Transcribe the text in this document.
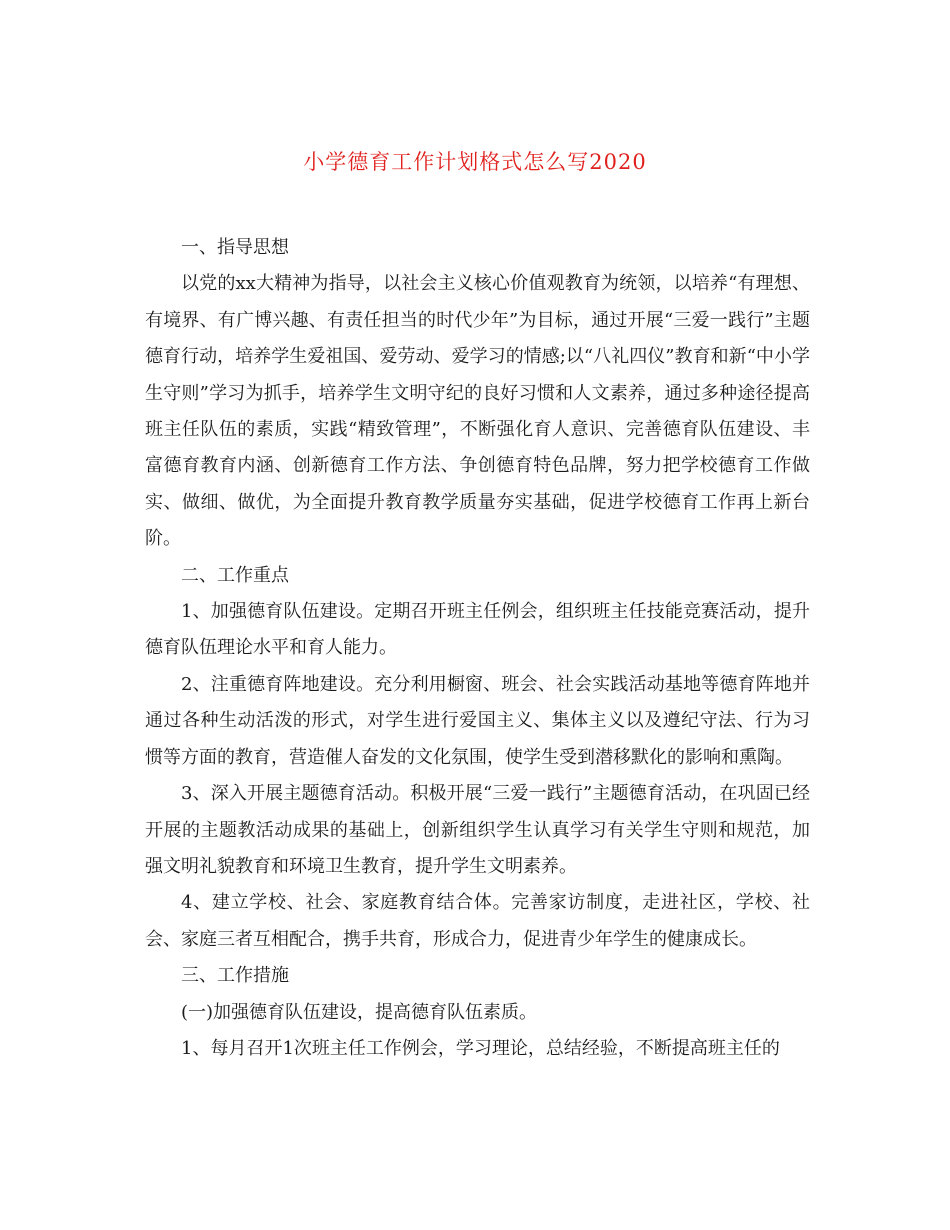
小学德育工作计划格式怎么写2020

一、指导思想

以党的xx大精神为指导，以社会主义核心价值观教育为统领，以培养“有理想、有境界、有广博兴趣、有责任担当的时代少年”为目标，通过开展“三爱一践行”主题德育行动，培养学生爱祖国、爱劳动、爱学习的情感;以“八礼四仪”教育和新“中小学生守则”学习为抓手，培养学生文明守纪的良好习惯和人文素养，通过多种途径提高班主任队伍的素质，实践“精致管理”，不断强化育人意识、完善德育队伍建设、丰富德育教育内涵、创新德育工作方法、争创德育特色品牌，努力把学校德育工作做实、做细、做优，为全面提升教育教学质量夯实基础，促进学校德育工作再上新台阶。

二、工作重点

1、加强德育队伍建设。定期召开班主任例会，组织班主任技能竞赛活动，提升德育队伍理论水平和育人能力。

2、注重德育阵地建设。充分利用橱窗、班会、社会实践活动基地等德育阵地并通过各种生动活泼的形式，对学生进行爱国主义、集体主义以及遵纪守法、行为习惯等方面的教育，营造催人奋发的文化氛围，使学生受到潜移默化的影响和熏陶。

3、深入开展主题德育活动。积极开展“三爱一践行”主题德育活动，在巩固已经开展的主题教活动成果的基础上，创新组织学生认真学习有关学生守则和规范，加强文明礼貌教育和环境卫生教育，提升学生文明素养。

4、建立学校、社会、家庭教育结合体。完善家访制度，走进社区，学校、社会、家庭三者互相配合，携手共育，形成合力，促进青少年学生的健康成长。

三、工作措施

(一)加强德育队伍建设，提高德育队伍素质。

1、每月召开1次班主任工作例会，学习理论，总结经验，不断提高班主任的
